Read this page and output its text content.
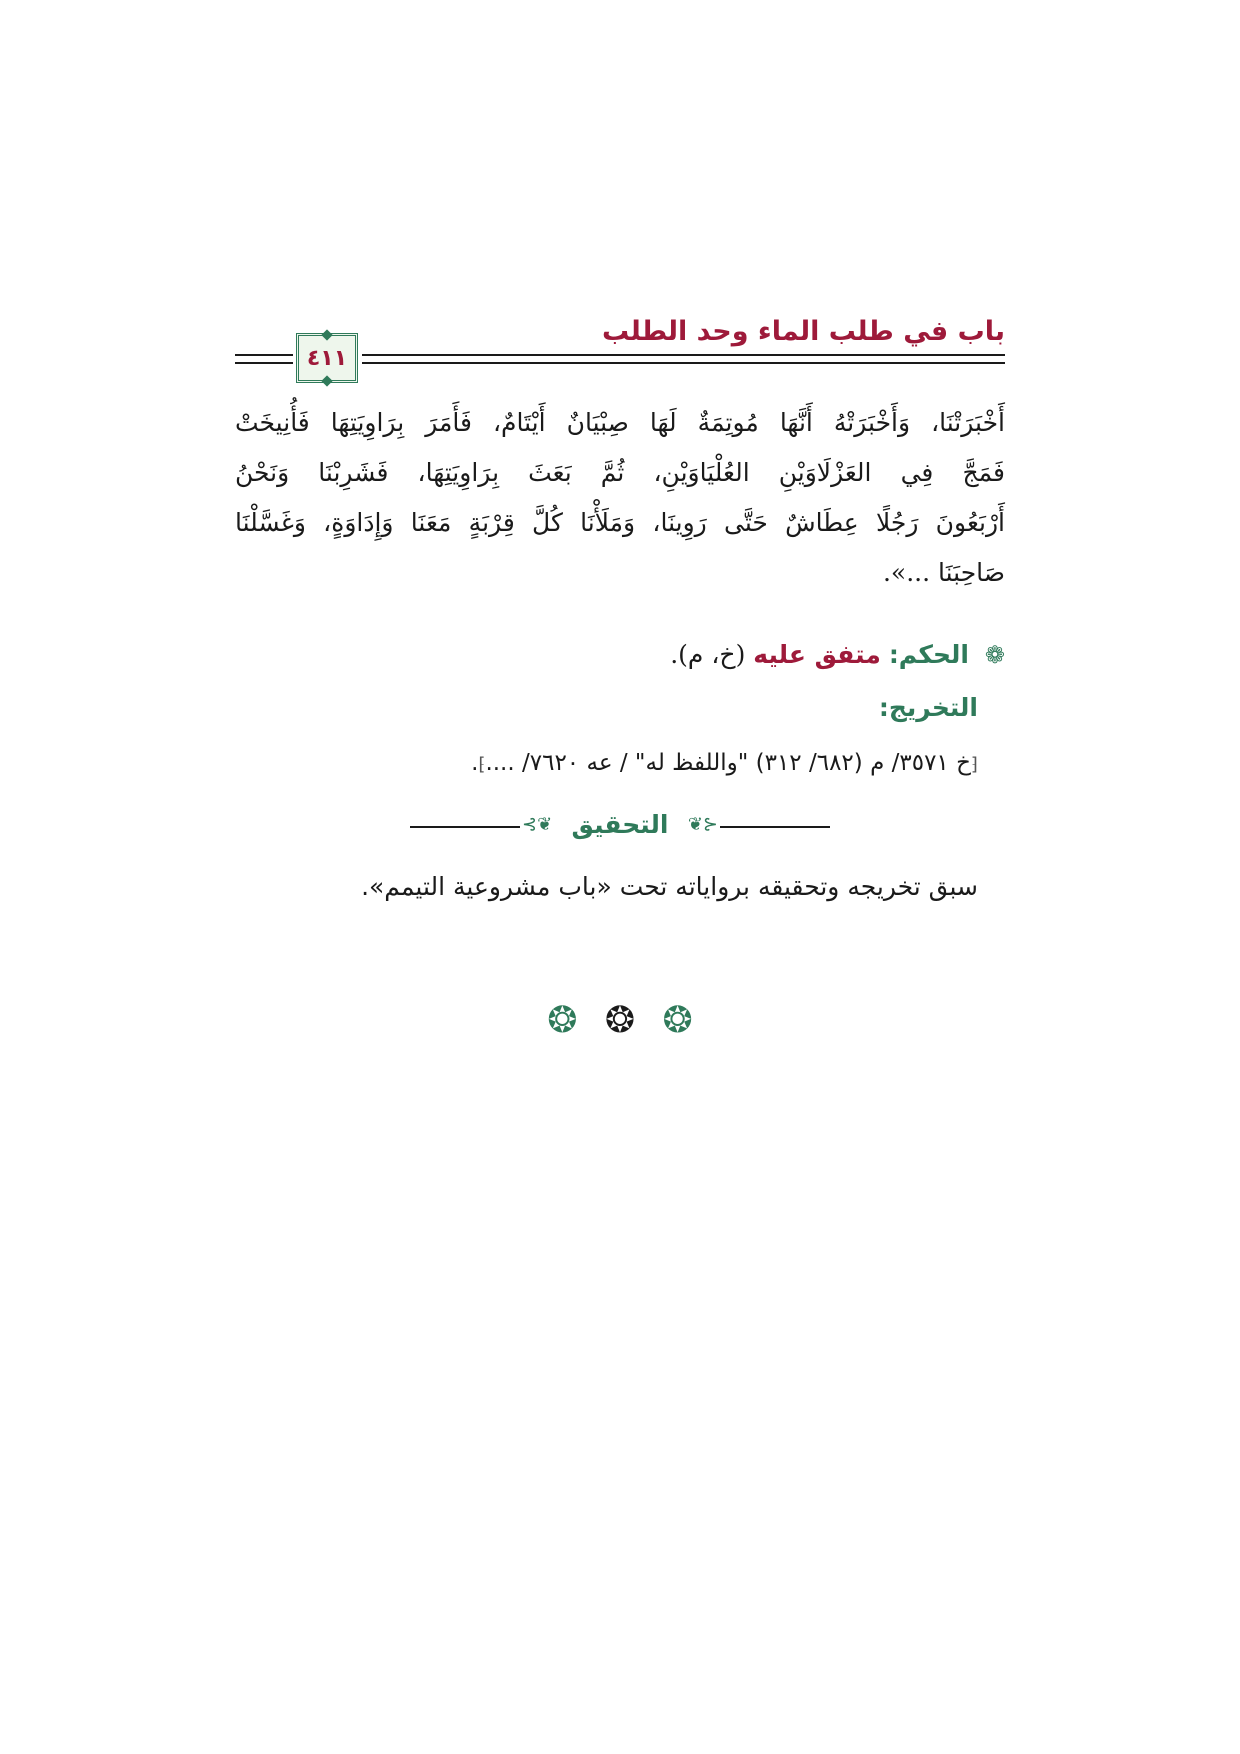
باب في طلب الماء وحد الطلب
٤١١
أَخْبَرَتْنَا، وَأَخْبَرَتْهُ أَنَّهَا مُوتِمَةٌ لَهَا صِبْيَانٌ أَيْتَامٌ، فَأَمَرَ بِرَاوِيَتِهَا فَأُنِيخَتْ
فَمَجَّ فِي العَزْلَاوَيْنِ العُلْيَاوَيْنِ، ثُمَّ بَعَثَ بِرَاوِيَتِهَا، فَشَرِبْنَا وَنَحْنُ
أَرْبَعُونَ رَجُلًا عِطَاشٌ حَتَّى رَوِينَا، وَمَلَأْنَا كُلَّ قِرْبَةٍ مَعَنَا وَإِدَاوَةٍ، وَغَسَّلْنَا
صَاحِبَنَا ...».
❁ الحكم: متفق عليه (خ، م).
التخريج:
⁅خ ٣٥٧١/ م (٦٨٢/ ٣١٢) "واللفظ له" / عه ٧٦٢٠/ ....⁆.
⊰❦ التحقيق	❦⊱
سبق تخريجه وتحقيقه برواياته تحت «باب مشروعية التيمم».
❂ ❂ ❂
